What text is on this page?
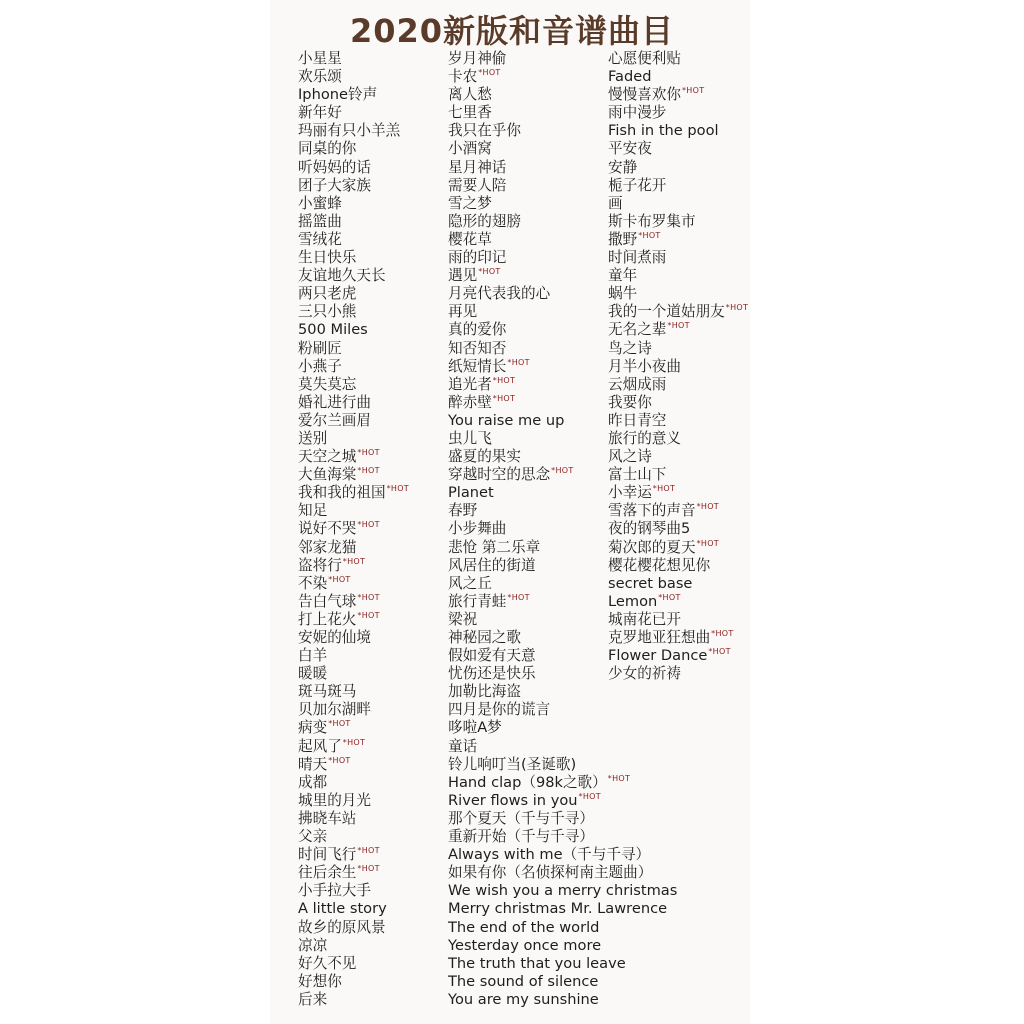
2020新版和音谱曲目
小星星
欢乐颂
Iphone铃声
新年好
玛丽有只小羊羔
同桌的你
听妈妈的话
团子大家族
小蜜蜂
摇篮曲
雪绒花
生日快乐
友谊地久天长
两只老虎
三只小熊
500 Miles
粉刷匠
小燕子
莫失莫忘
婚礼进行曲
爱尔兰画眉
送别
天空之城*HOT
大鱼海棠*HOT
我和我的祖国*HOT
知足
说好不哭*HOT
邻家龙猫
盗将行*HOT
不染*HOT
告白气球*HOT
打上花火*HOT
安妮的仙境
白羊
暖暖
斑马斑马
贝加尔湖畔
病变*HOT
起风了*HOT
晴天*HOT
成都
城里的月光
拂晓车站
父亲
时间飞行*HOT
往后余生*HOT
小手拉大手
A little story
故乡的原风景
凉凉
好久不见
好想你
后来
岁月神偷
卡农*HOT
离人愁
七里香
我只在乎你
小酒窝
星月神话
需要人陪
雪之梦
隐形的翅膀
樱花草
雨的印记
遇见*HOT
月亮代表我的心
再见
真的爱你
知否知否
纸短情长*HOT
追光者*HOT
醉赤壁*HOT
You raise me up
虫儿飞
盛夏的果实
穿越时空的思念*HOT
Planet
春野
小步舞曲
悲怆 第二乐章
风居住的街道
风之丘
旅行青蛙*HOT
梁祝
神秘园之歌
假如爱有天意
忧伤还是快乐
加勒比海盗
四月是你的谎言
哆啦A梦
童话
铃儿响叮当(圣诞歌)
Hand clap（98k之歌）*HOT
River flows in you*HOT
那个夏天（千与千寻）
重新开始（千与千寻）
Always with me（千与千寻）
如果有你（名侦探柯南主题曲）
We wish you a merry christmas
Merry christmas Mr. Lawrence
The end of the world
Yesterday once more
The truth that you leave
The sound of silence
You are my sunshine
心愿便利贴
Faded
慢慢喜欢你*HOT
雨中漫步
Fish in the pool
平安夜
安静
栀子花开
画
斯卡布罗集市
撒野*HOT
时间煮雨
童年
蜗牛
我的一个道姑朋友*HOT
无名之辈*HOT
鸟之诗
月半小夜曲
云烟成雨
我要你
昨日青空
旅行的意义
风之诗
富士山下
小幸运*HOT
雪落下的声音*HOT
夜的钢琴曲5
菊次郎的夏天*HOT
樱花樱花想见你
secret base
Lemon*HOT
城南花已开
克罗地亚狂想曲*HOT
Flower Dance*HOT
少女的祈祷
